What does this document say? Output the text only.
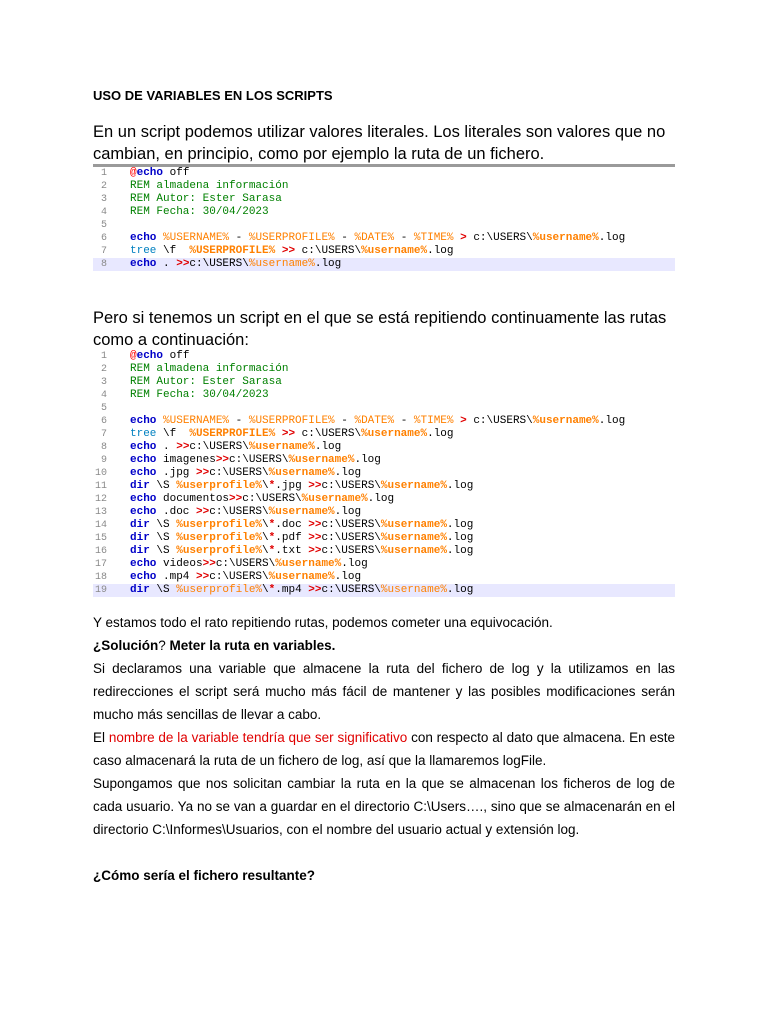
USO DE VARIABLES EN LOS SCRIPTS
En un script podemos utilizar valores literales. Los literales son valores que no cambian, en principio, como por ejemplo la ruta de un fichero.
1 @echo off
2 REM almadena información
3 REM Autor: Ester Sarasa
4 REM Fecha: 30/04/2023
5
6 echo %USERNAME% - %USERPROFILE% - %DATE% - %TIME% > c:\USERS\%username%.log
7 tree \f  %USERPROFILE% >> c:\USERS\%username%.log
8 echo . >>c:\USERS\%username%.log
Pero si tenemos un script en el que se está repitiendo continuamente las rutas como a continuación:
1 @echo off
2 REM almadena información
3 REM Autor: Ester Sarasa
4 REM Fecha: 30/04/2023
5
6 echo %USERNAME% - %USERPROFILE% - %DATE% - %TIME% > c:\USERS\%username%.log
7 tree \f  %USERPROFILE% >> c:\USERS\%username%.log
8 echo . >>c:\USERS\%username%.log
9 echo imagenes>>c:\USERS\%username%.log
10 echo .jpg >>c:\USERS\%username%.log
11 dir \S %userprofile%\*.jpg >>c:\USERS\%username%.log
12 echo documentos>>c:\USERS\%username%.log
13 echo .doc >>c:\USERS\%username%.log
14 dir \S %userprofile%\*.doc >>c:\USERS\%username%.log
15 dir \S %userprofile%\*.pdf >>c:\USERS\%username%.log
16 dir \S %userprofile%\*.txt >>c:\USERS\%username%.log
17 echo videos>>c:\USERS\%username%.log
18 echo .mp4 >>c:\USERS\%username%.log
19 dir \S %userprofile%\*.mp4 >>c:\USERS\%username%.log
Y estamos todo el rato repitiendo rutas, podemos cometer una equivocación.
¿Solución? Meter la ruta en variables.
Si declaramos una variable que almacene la ruta del fichero de log y la utilizamos en las redirecciones el script será mucho más fácil de mantener y las posibles modificaciones serán mucho más sencillas de llevar a cabo.
El nombre de la variable tendría que ser significativo con respecto al dato que almacena. En este caso almacenará la ruta de un fichero de log, así que la llamaremos logFile.
Supongamos que nos solicitan cambiar la ruta en la que se almacenan los ficheros de log de cada usuario. Ya no se van a guardar en el directorio C:\Users…., sino que se almacenarán en el directorio C:\Informes\Usuarios, con el nombre del usuario actual y extensión log.
¿Cómo sería el fichero resultante?
